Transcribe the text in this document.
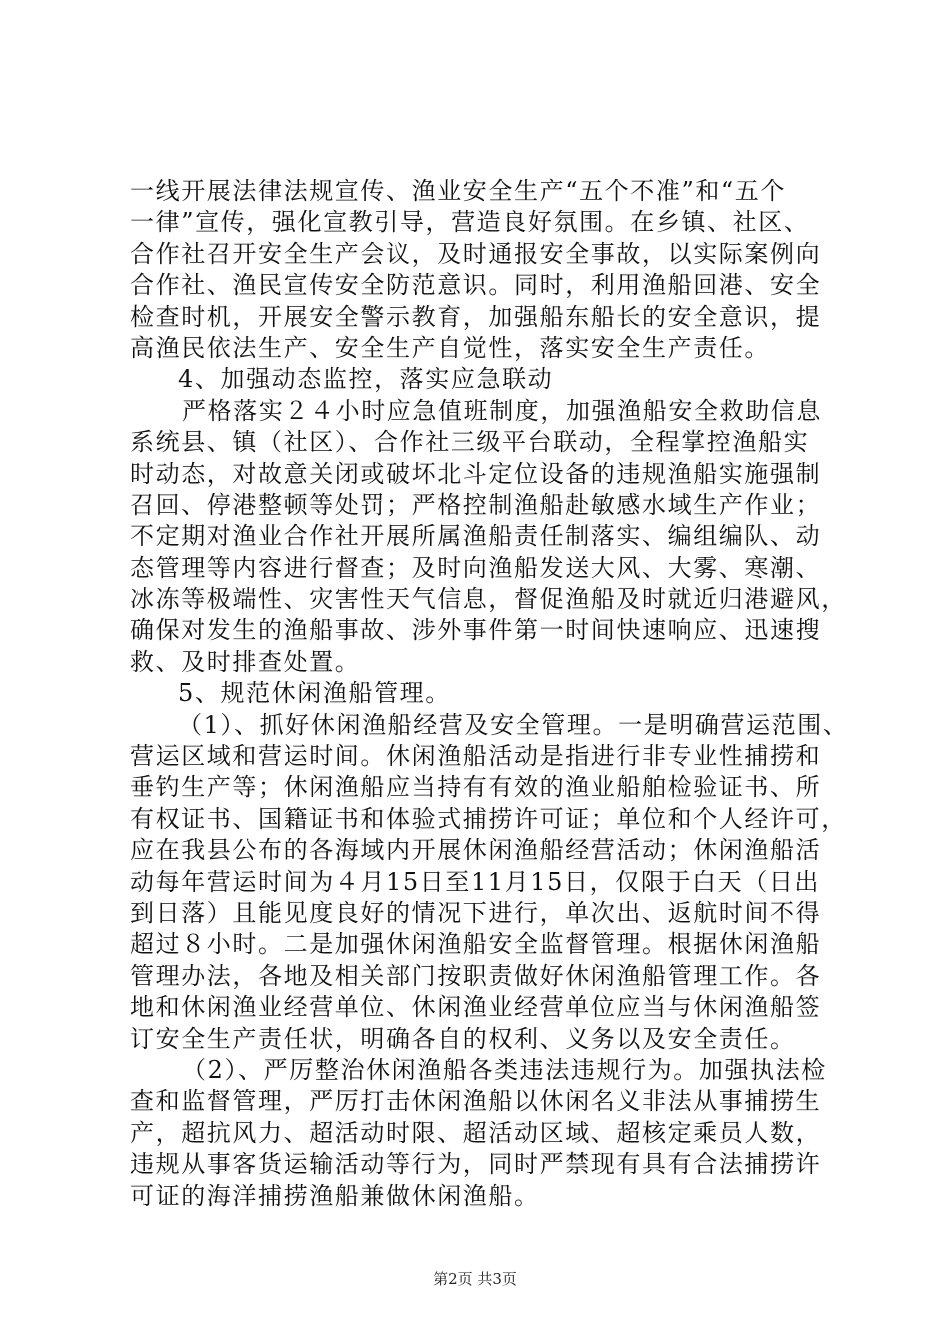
一线开展法律法规宣传、渔业安全生产“五个不准”和“五个
一律”宣传，强化宣教引导，营造良好氛围。在乡镇、社区、
合作社召开安全生产会议，及时通报安全事故，以实际案例向
合作社、渔民宣传安全防范意识。同时，利用渔船回港、安全
检查时机，开展安全警示教育，加强船东船长的安全意识，提
高渔民依法生产、安全生产自觉性，落实安全生产责任。
4、加强动态监控，落实应急联动
严格落实２４小时应急值班制度，加强渔船安全救助信息
系统县、镇（社区）、合作社三级平台联动，全程掌控渔船实
时动态，对故意关闭或破坏北斗定位设备的违规渔船实施强制
召回、停港整顿等处罚；严格控制渔船赴敏感水域生产作业；
不定期对渔业合作社开展所属渔船责任制落实、编组编队、动
态管理等内容进行督查；及时向渔船发送大风、大雾、寒潮、
冰冻等极端性、灾害性天气信息，督促渔船及时就近归港避风，
确保对发生的渔船事故、涉外事件第一时间快速响应、迅速搜
救、及时排查处置。
5、规范休闲渔船管理。
（1）、抓好休闲渔船经营及安全管理。一是明确营运范围、
营运区域和营运时间。休闲渔船活动是指进行非专业性捕捞和
垂钓生产等；休闲渔船应当持有有效的渔业船舶检验证书、所
有权证书、国籍证书和体验式捕捞许可证；单位和个人经许可，
应在我县公布的各海域内开展休闲渔船经营活动；休闲渔船活
动每年营运时间为４月15日至11月15日，仅限于白天（日出
到日落）且能见度良好的情况下进行，单次出、返航时间不得
超过８小时。二是加强休闲渔船安全监督管理。根据休闲渔船
管理办法，各地及相关部门按职责做好休闲渔船管理工作。各
地和休闲渔业经营单位、休闲渔业经营单位应当与休闲渔船签
订安全生产责任状，明确各自的权利、义务以及安全责任。
（2）、严厉整治休闲渔船各类违法违规行为。加强执法检
查和监督管理，严厉打击休闲渔船以休闲名义非法从事捕捞生
产，超抗风力、超活动时限、超活动区域、超核定乘员人数，
违规从事客货运输活动等行为，同时严禁现有具有合法捕捞许
可证的海洋捕捞渔船兼做休闲渔船。
第2页 共3页
